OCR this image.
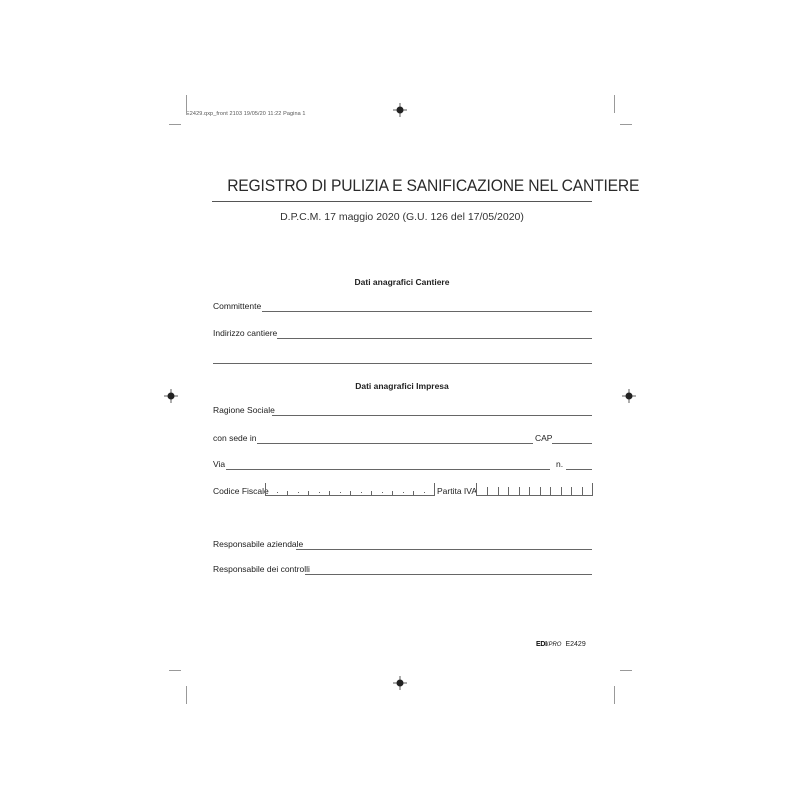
E2429.qxp_front 2103 19/05/20 11:22 Pagina 1
REGISTRO DI PULIZIA E SANIFICAZIONE NEL CANTIERE
D.P.C.M. 17 maggio 2020 (G.U. 126 del 17/05/2020)
Dati anagrafici Cantiere
Committente
Indirizzo cantiere
Dati anagrafici Impresa
Ragione Sociale
con sede in	CAP
Via	n.
Codice Fiscale	Partita IVA
Responsabile aziendale
Responsabile dei controlli
EDI/PRO E2429
